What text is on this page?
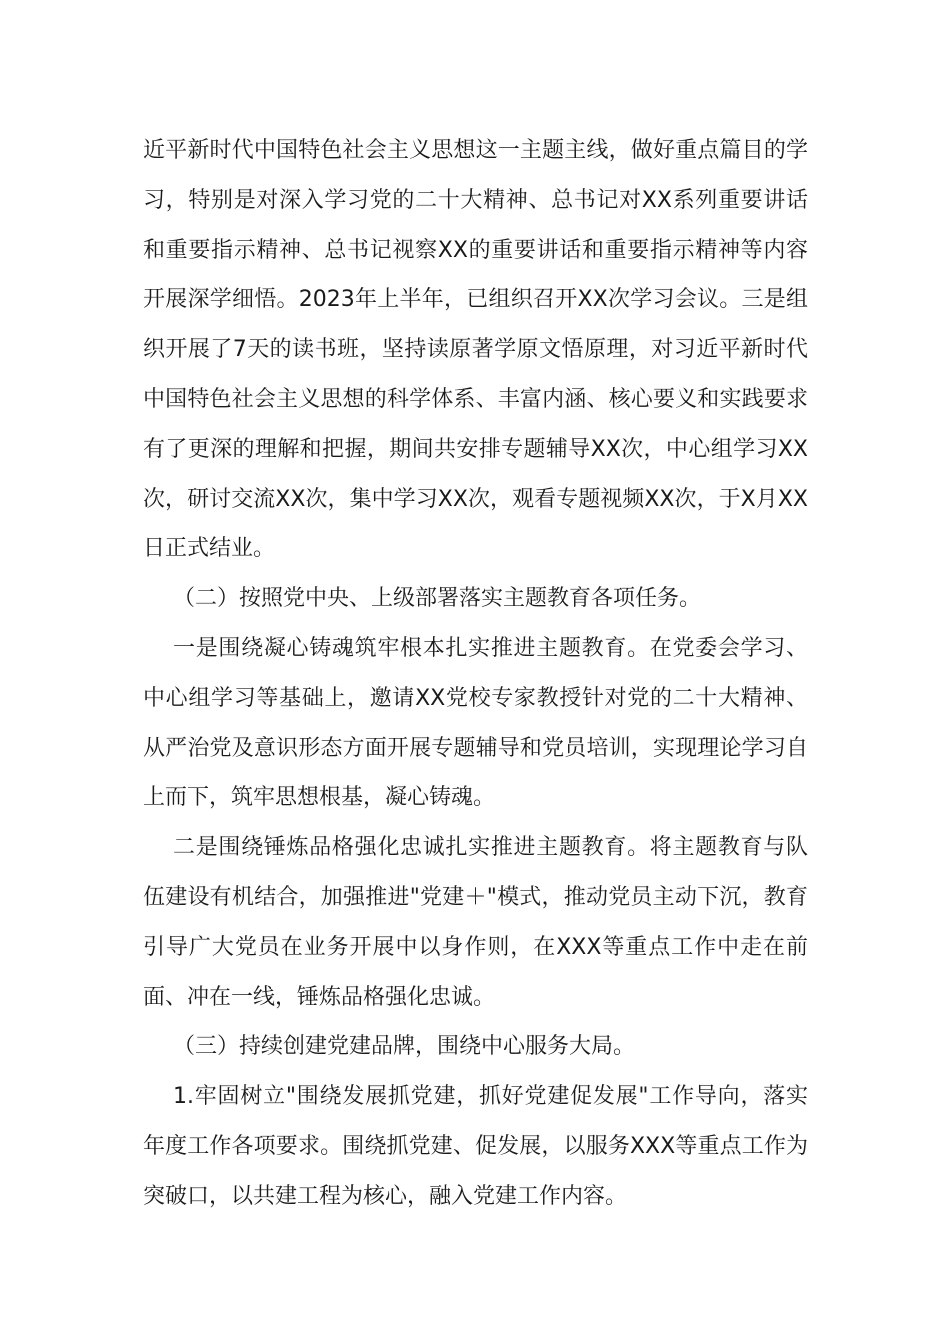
近平新时代中国特色社会主义思想这一主题主线，做好重点篇目的学习，特别是对深入学习党的二十大精神、总书记对XX系列重要讲话和重要指示精神、总书记视察XX的重要讲话和重要指示精神等内容开展深学细悟。2023年上半年，已组织召开XX次学习会议。三是组织开展了7天的读书班，坚持读原著学原文悟原理，对习近平新时代中国特色社会主义思想的科学体系、丰富内涵、核心要义和实践要求有了更深的理解和把握，期间共安排专题辅导XX次，中心组学习XX次，研讨交流XX次，集中学习XX次，观看专题视频XX次，于X月XX日正式结业。

（二）按照党中央、上级部署落实主题教育各项任务。

一是围绕凝心铸魂筑牢根本扎实推进主题教育。在党委会学习、中心组学习等基础上，邀请XX党校专家教授针对党的二十大精神、从严治党及意识形态方面开展专题辅导和党员培训，实现理论学习自上而下，筑牢思想根基，凝心铸魂。

二是围绕锤炼品格强化忠诚扎实推进主题教育。将主题教育与队伍建设有机结合，加强推进"党建＋"模式，推动党员主动下沉，教育引导广大党员在业务开展中以身作则，在XXX等重点工作中走在前面、冲在一线，锤炼品格强化忠诚。

（三）持续创建党建品牌，围绕中心服务大局。

1.牢固树立"围绕发展抓党建，抓好党建促发展"工作导向，落实年度工作各项要求。围绕抓党建、促发展，以服务XXX等重点工作为突破口，以共建工程为核心，融入党建工作内容。
